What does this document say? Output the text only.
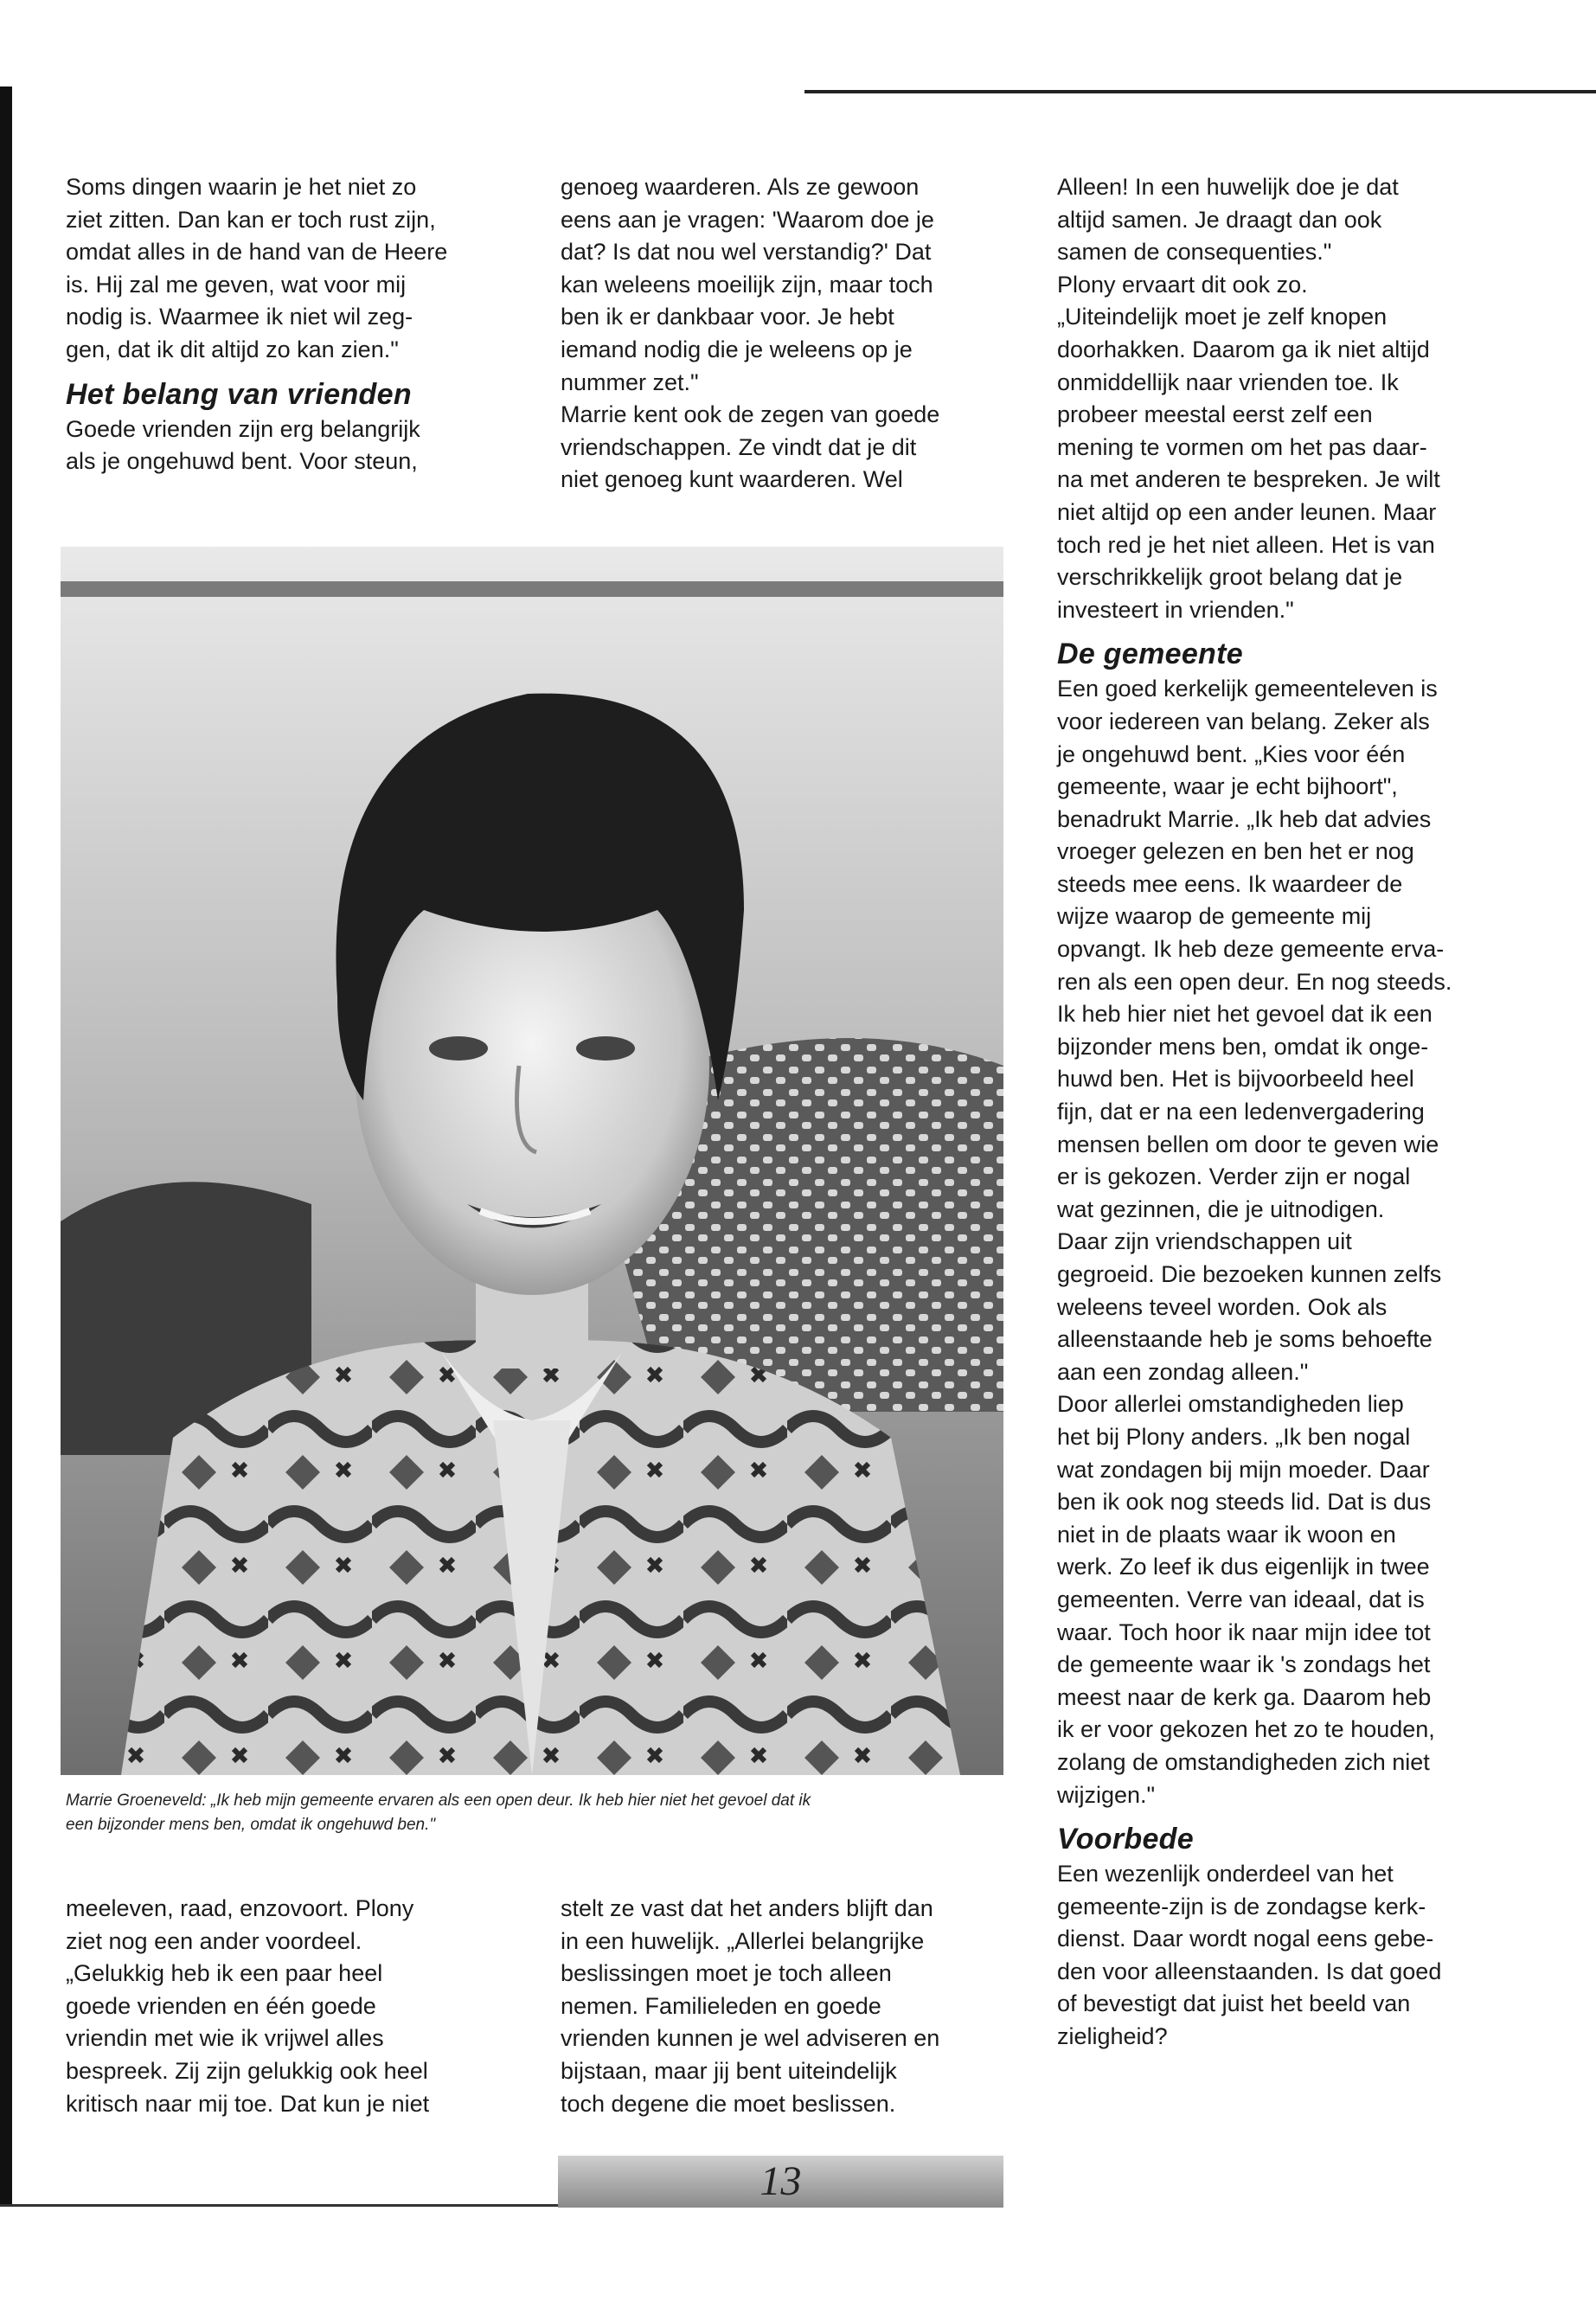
Soms dingen waarin je het niet zo

ziet zitten. Dan kan er toch rust zijn,

omdat alles in de hand van de Heere

is. Hij zal me geven, wat voor mij

nodig is. Waarmee ik niet wil zeg-

gen, dat ik dit altijd zo kan zien."

Het belang van vrienden

Goede vrienden zijn erg belangrijk

als je ongehuwd bent. Voor steun,

genoeg waarderen. Als ze gewoon

eens aan je vragen: 'Waarom doe je

dat? Is dat nou wel verstandig?' Dat

kan weleens moeilijk zijn, maar toch

ben ik er dankbaar voor. Je hebt

iemand nodig die je weleens op je

nummer zet."

Marrie kent ook de zegen van goede

vriendschappen. Ze vindt dat je dit

niet genoeg kunt waarderen. Wel

Alleen! In een huwelijk doe je dat

altijd samen. Je draagt dan ook

samen de consequenties."

Plony ervaart dit ook zo.

„Uiteindelijk moet je zelf knopen

doorhakken. Daarom ga ik niet altijd

onmiddellijk naar vrienden toe. Ik

probeer meestal eerst zelf een

mening te vormen om het pas daar-

na met anderen te bespreken. Je wilt

niet altijd op een ander leunen. Maar

toch red je het niet alleen. Het is van

verschrikkelijk groot belang dat je

investeert in vrienden."

De gemeente

Een goed kerkelijk gemeenteleven is

voor iedereen van belang. Zeker als

je ongehuwd bent. „Kies voor één

gemeente, waar je echt bijhoort",

benadrukt Marrie. „Ik heb dat advies

vroeger gelezen en ben het er nog

steeds mee eens. Ik waardeer de

wijze waarop de gemeente mij

opvangt. Ik heb deze gemeente erva-

ren als een open deur. En nog steeds.

Ik heb hier niet het gevoel dat ik een

bijzonder mens ben, omdat ik onge-

huwd ben. Het is bijvoorbeeld heel

fijn, dat er na een ledenvergadering

mensen bellen om door te geven wie

er is gekozen. Verder zijn er nogal

wat gezinnen, die je uitnodigen.

Daar zijn vriendschappen uit

gegroeid. Die bezoeken kunnen zelfs

weleens teveel worden. Ook als

alleenstaande heb je soms behoefte

aan een zondag alleen."

Door allerlei omstandigheden liep

het bij Plony anders. „Ik ben nogal

wat zondagen bij mijn moeder. Daar

ben ik ook nog steeds lid. Dat is dus

niet in de plaats waar ik woon en

werk. Zo leef ik dus eigenlijk in twee

gemeenten. Verre van ideaal, dat is

waar. Toch hoor ik naar mijn idee tot

de gemeente waar ik 's zondags het

meest naar de kerk ga. Daarom heb

ik er voor gekozen het zo te houden,

zolang de omstandigheden zich niet

wijzigen."

Voorbede

Een wezenlijk onderdeel van het

gemeente-zijn is de zondagse kerk-

dienst. Daar wordt nogal eens gebe-

den voor alleenstaanden. Is dat goed

of bevestigt dat juist het beeld van

zieligheid?

Marrie Groeneveld: „Ik heb mijn gemeente ervaren als een open deur. Ik heb hier niet het gevoel dat ik
een bijzonder mens ben, omdat ik ongehuwd ben."

meeleven, raad, enzovoort. Plony

ziet nog een ander voordeel.

„Gelukkig heb ik een paar heel

goede vrienden en één goede

vriendin met wie ik vrijwel alles

bespreek. Zij zijn gelukkig ook heel

kritisch naar mij toe. Dat kun je niet

stelt ze vast dat het anders blijft dan

in een huwelijk. „Allerlei belangrijke

beslissingen moet je toch alleen

nemen. Familieleden en goede

vrienden kunnen je wel adviseren en

bijstaan, maar jij bent uiteindelijk

toch degene die moet beslissen.

13
